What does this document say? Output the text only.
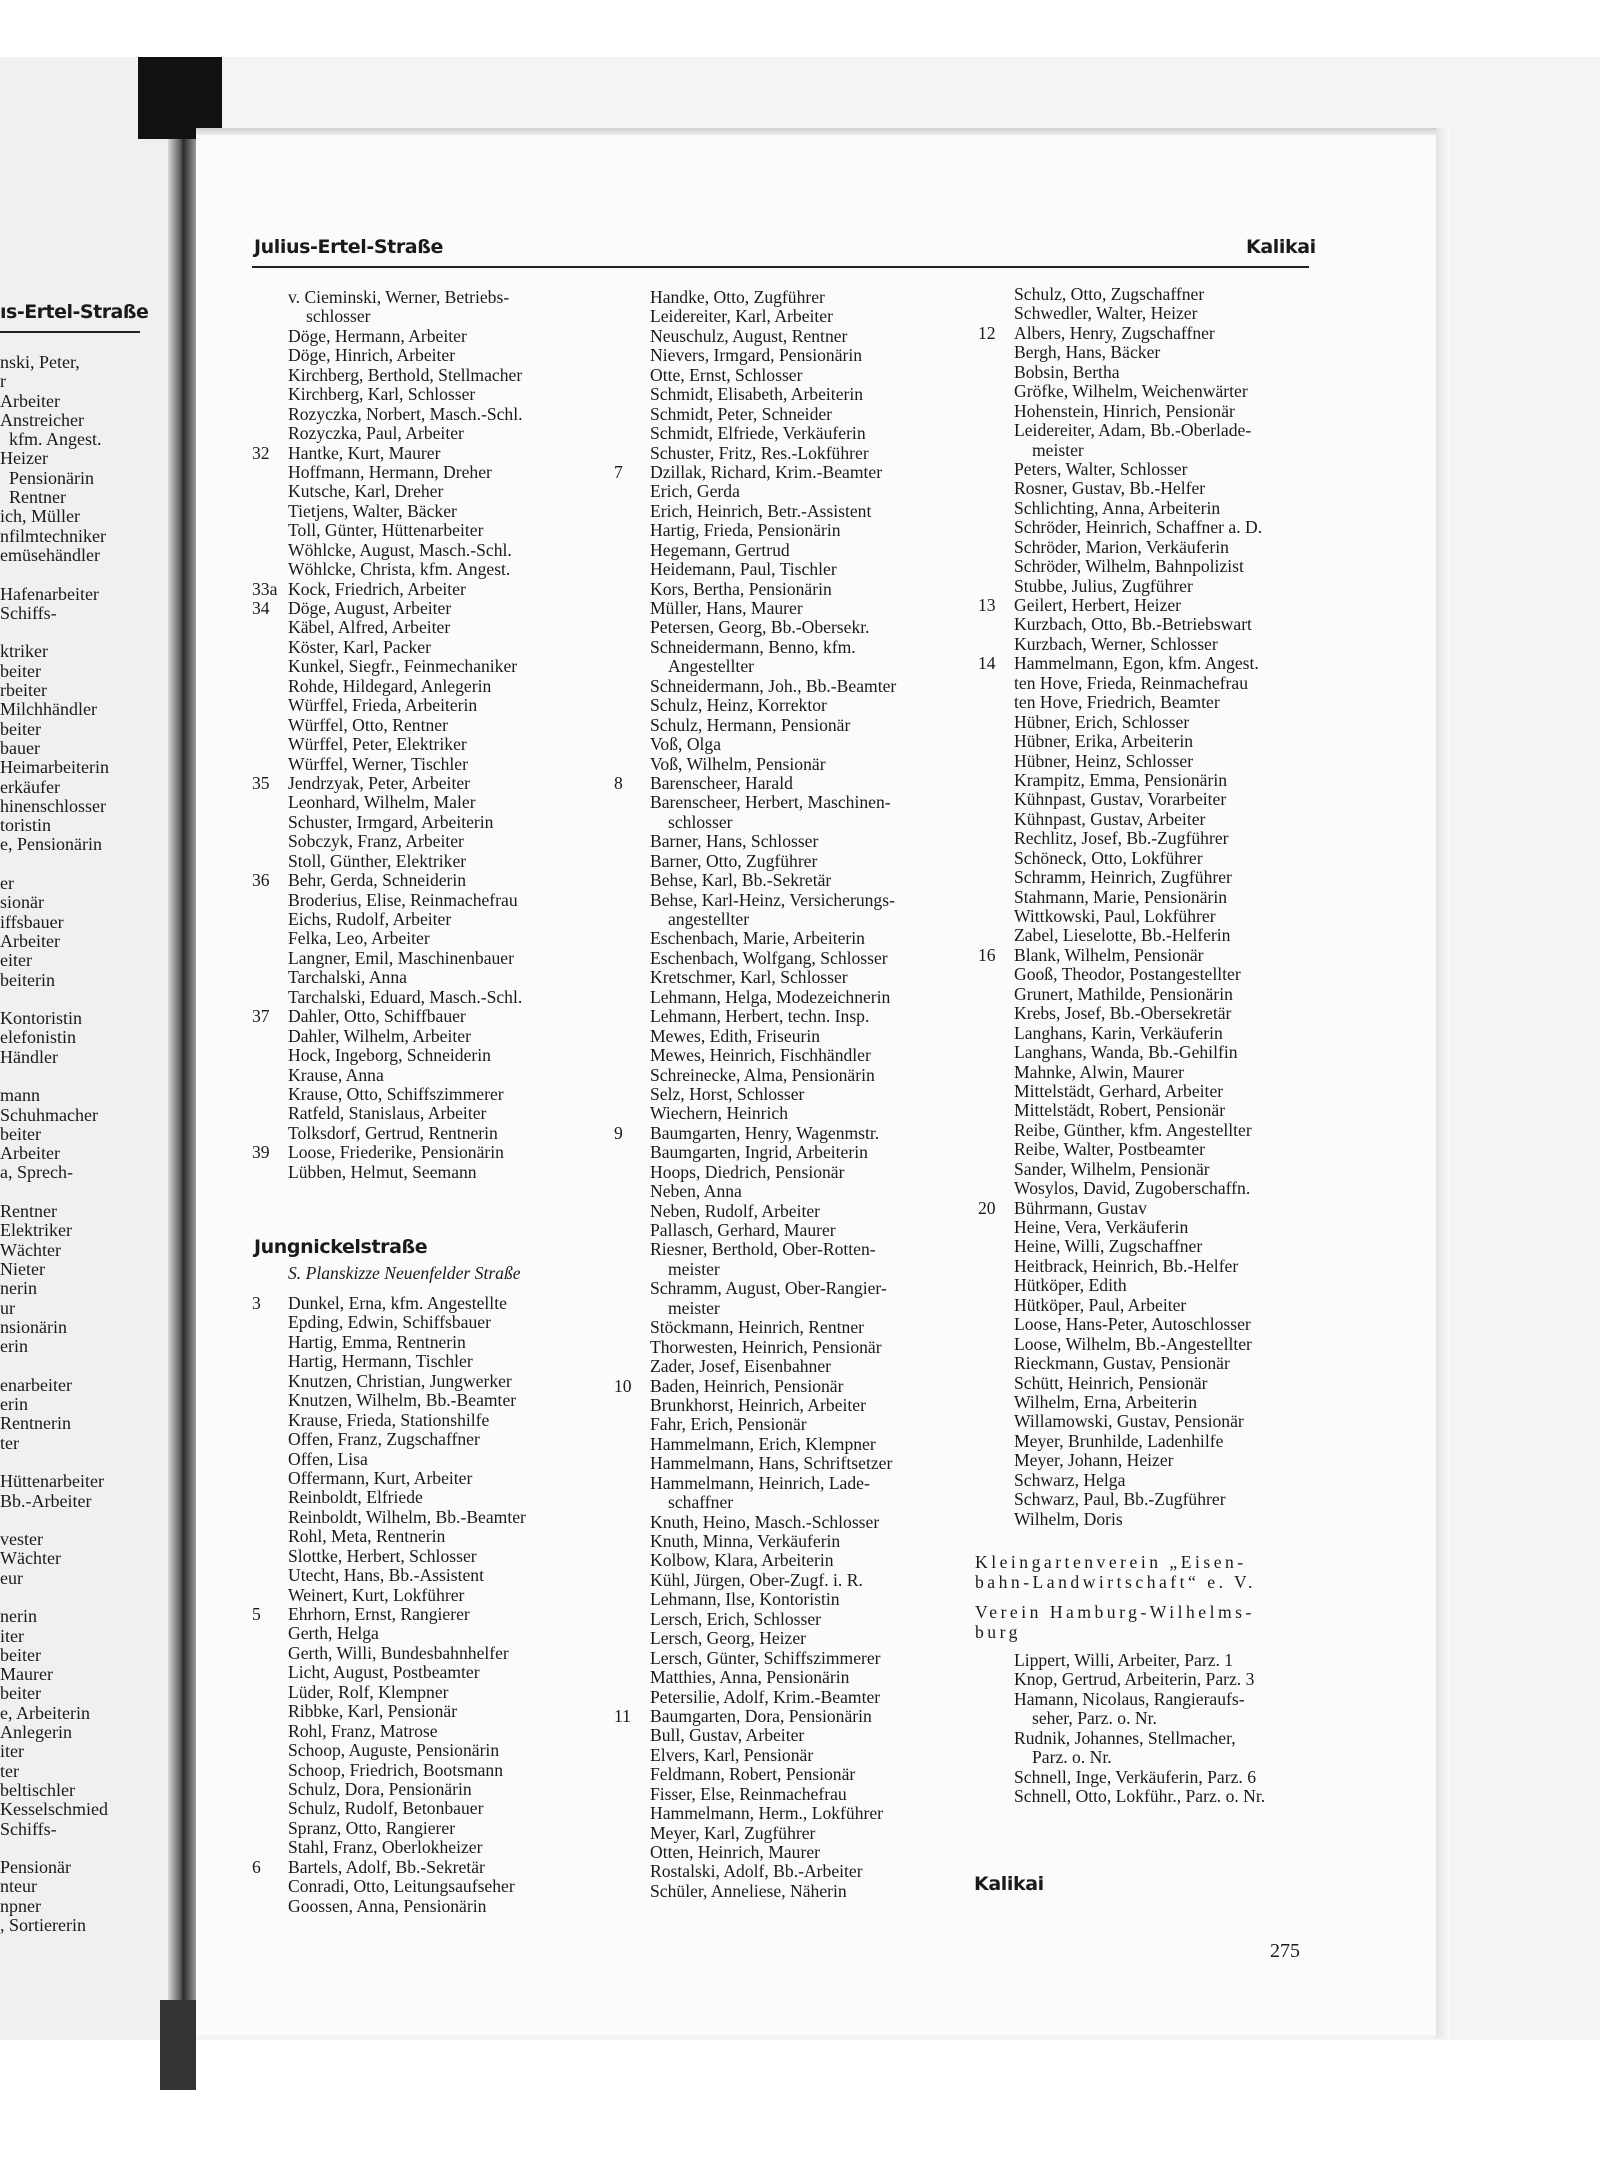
ıs-Ertel-Straße
nski, Peter,
r
Arbeiter
Anstreicher
kfm. Angest.
Heizer
Pensionärin
Rentner
ich, Müller
nfilmtechniker
emüsehändler
Hafenarbeiter
Schiffs-
ktriker
beiter
rbeiter
Milchhändler
beiter
bauer
Heimarbeiterin
erkäufer
hinenschlosser
toristin
e, Pensionärin
er
sionär
iffsbauer
Arbeiter
eiter
beiterin
Kontoristin
elefonistin
Händler
mann
Schuhmacher
beiter
Arbeiter
a, Sprech-
Rentner
Elektriker
Wächter
Nieter
nerin
ur
nsionärin
erin
enarbeiter
erin
Rentnerin
ter
Hüttenarbeiter
Bb.-Arbeiter
vester
Wächter
eur
nerin
iter
beiter
Maurer
beiter
e, Arbeiterin
Anlegerin
iter
ter
beltischler
Kesselschmied
Schiffs-
Pensionär
nteur
npner
, Sortiererin
Julius-Ertel-Straße	Kalikai
v. Cieminski, Werner, Betriebs-
schlosser
Döge, Hermann, Arbeiter
Döge, Hinrich, Arbeiter
Kirchberg, Berthold, Stellmacher
Kirchberg, Karl, Schlosser
Rozyczka, Norbert, Masch.-Schl.
Rozyczka, Paul, Arbeiter
32	Hantke, Kurt, Maurer
Hoffmann, Hermann, Dreher
Kutsche, Karl, Dreher
Tietjens, Walter, Bäcker
Toll, Günter, Hüttenarbeiter
Wöhlcke, August, Masch.-Schl.
Wöhlcke, Christa, kfm. Angest.
33a Kock, Friedrich, Arbeiter
34	Döge, August, Arbeiter
Käbel, Alfred, Arbeiter
Köster, Karl, Packer
Kunkel, Siegfr., Feinmechaniker
Rohde, Hildegard, Anlegerin
Würffel, Frieda, Arbeiterin
Würffel, Otto, Rentner
Würffel, Peter, Elektriker
Würffel, Werner, Tischler
35	Jendrzyak, Peter, Arbeiter
Leonhard, Wilhelm, Maler
Schuster, Irmgard, Arbeiterin
Sobczyk, Franz, Arbeiter
Stoll, Günther, Elektriker
36	Behr, Gerda, Schneiderin
Broderius, Elise, Reinmachefrau
Eichs, Rudolf, Arbeiter
Felka, Leo, Arbeiter
Langner, Emil, Maschinenbauer
Tarchalski, Anna
Tarchalski, Eduard, Masch.-Schl.
37	Dahler, Otto, Schiffbauer
Dahler, Wilhelm, Arbeiter
Hock, Ingeborg, Schneiderin
Krause, Anna
Krause, Otto, Schiffszimmerer
Ratfeld, Stanislaus, Arbeiter
Tolksdorf, Gertrud, Rentnerin
39	Loose, Friederike, Pensionärin
Lübben, Helmut, Seemann
Jungnickelstraße
S. Planskizze Neuenfelder Straße
3	Dunkel, Erna, kfm. Angestellte
Epding, Edwin, Schiffsbauer
Hartig, Emma, Rentnerin
Hartig, Hermann, Tischler
Knutzen, Christian, Jungwerker
Knutzen, Wilhelm, Bb.-Beamter
Krause, Frieda, Stationshilfe
Offen, Franz, Zugschaffner
Offen, Lisa
Offermann, Kurt, Arbeiter
Reinboldt, Elfriede
Reinboldt, Wilhelm, Bb.-Beamter
Rohl, Meta, Rentnerin
Slottke, Herbert, Schlosser
Utecht, Hans, Bb.-Assistent
Weinert, Kurt, Lokführer
5	Ehrhorn, Ernst, Rangierer
Gerth, Helga
Gerth, Willi, Bundesbahnhelfer
Licht, August, Postbeamter
Lüder, Rolf, Klempner
Ribbke, Karl, Pensionär
Rohl, Franz, Matrose
Schoop, Auguste, Pensionärin
Schoop, Friedrich, Bootsmann
Schulz, Dora, Pensionärin
Schulz, Rudolf, Betonbauer
Spranz, Otto, Rangierer
Stahl, Franz, Oberlokheizer
6	Bartels, Adolf, Bb.-Sekretär
Conradi, Otto, Leitungsaufseher
Goossen, Anna, Pensionärin
Handke, Otto, Zugführer
Leidereiter, Karl, Arbeiter
Neuschulz, August, Rentner
Nievers, Irmgard, Pensionärin
Otte, Ernst, Schlosser
Schmidt, Elisabeth, Arbeiterin
Schmidt, Peter, Schneider
Schmidt, Elfriede, Verkäuferin
Schuster, Fritz, Res.-Lokführer
7	Dzillak, Richard, Krim.-Beamter
Erich, Gerda
Erich, Heinrich, Betr.-Assistent
Hartig, Frieda, Pensionärin
Hegemann, Gertrud
Heidemann, Paul, Tischler
Kors, Bertha, Pensionärin
Müller, Hans, Maurer
Petersen, Georg, Bb.-Obersekr.
Schneidermann, Benno, kfm.
Angestellter
Schneidermann, Joh., Bb.-Beamter
Schulz, Heinz, Korrektor
Schulz, Hermann, Pensionär
Voß, Olga
Voß, Wilhelm, Pensionär
8	Barenscheer, Harald
Barenscheer, Herbert, Maschinen-
schlosser
Barner, Hans, Schlosser
Barner, Otto, Zugführer
Behse, Karl, Bb.-Sekretär
Behse, Karl-Heinz, Versicherungs-
angestellter
Eschenbach, Marie, Arbeiterin
Eschenbach, Wolfgang, Schlosser
Kretschmer, Karl, Schlosser
Lehmann, Helga, Modezeichnerin
Lehmann, Herbert, techn. Insp.
Mewes, Edith, Friseurin
Mewes, Heinrich, Fischhändler
Schreinecke, Alma, Pensionärin
Selz, Horst, Schlosser
Wiechern, Heinrich
9	Baumgarten, Henry, Wagenmstr.
Baumgarten, Ingrid, Arbeiterin
Hoops, Diedrich, Pensionär
Neben, Anna
Neben, Rudolf, Arbeiter
Pallasch, Gerhard, Maurer
Riesner, Berthold, Ober-Rotten-
meister
Schramm, August, Ober-Rangier-
meister
Stöckmann, Heinrich, Rentner
Thorwesten, Heinrich, Pensionär
Zader, Josef, Eisenbahner
10	Baden, Heinrich, Pensionär
Brunkhorst, Heinrich, Arbeiter
Fahr, Erich, Pensionär
Hammelmann, Erich, Klempner
Hammelmann, Hans, Schriftsetzer
Hammelmann, Heinrich, Lade-
schaffner
Knuth, Heino, Masch.-Schlosser
Knuth, Minna, Verkäuferin
Kolbow, Klara, Arbeiterin
Kühl, Jürgen, Ober-Zugf. i. R.
Lehmann, Ilse, Kontoristin
Lersch, Erich, Schlosser
Lersch, Georg, Heizer
Lersch, Günter, Schiffszimmerer
Matthies, Anna, Pensionärin
Petersilie, Adolf, Krim.-Beamter
11	Baumgarten, Dora, Pensionärin
Bull, Gustav, Arbeiter
Elvers, Karl, Pensionär
Feldmann, Robert, Pensionär
Fisser, Else, Reinmachefrau
Hammelmann, Herm., Lokführer
Meyer, Karl, Zugführer
Otten, Heinrich, Maurer
Rostalski, Adolf, Bb.-Arbeiter
Schüler, Anneliese, Näherin
Schulz, Otto, Zugschaffner
Schwedler, Walter, Heizer
12	Albers, Henry, Zugschaffner
Bergh, Hans, Bäcker
Bobsin, Bertha
Gröfke, Wilhelm, Weichenwärter
Hohenstein, Hinrich, Pensionär
Leidereiter, Adam, Bb.-Oberlade-
meister
Peters, Walter, Schlosser
Rosner, Gustav, Bb.-Helfer
Schlichting, Anna, Arbeiterin
Schröder, Heinrich, Schaffner a. D.
Schröder, Marion, Verkäuferin
Schröder, Wilhelm, Bahnpolizist
Stubbe, Julius, Zugführer
13	Geilert, Herbert, Heizer
Kurzbach, Otto, Bb.-Betriebswart
Kurzbach, Werner, Schlosser
14	Hammelmann, Egon, kfm. Angest.
ten Hove, Frieda, Reinmachefrau
ten Hove, Friedrich, Beamter
Hübner, Erich, Schlosser
Hübner, Erika, Arbeiterin
Hübner, Heinz, Schlosser
Krampitz, Emma, Pensionärin
Kühnpast, Gustav, Vorarbeiter
Kühnpast, Gustav, Arbeiter
Rechlitz, Josef, Bb.-Zugführer
Schöneck, Otto, Lokführer
Schramm, Heinrich, Zugführer
Stahmann, Marie, Pensionärin
Wittkowski, Paul, Lokführer
Zabel, Lieselotte, Bb.-Helferin
16	Blank, Wilhelm, Pensionär
Gooß, Theodor, Postangestellter
Grunert, Mathilde, Pensionärin
Krebs, Josef, Bb.-Obersekretär
Langhans, Karin, Verkäuferin
Langhans, Wanda, Bb.-Gehilfin
Mahnke, Alwin, Maurer
Mittelstädt, Gerhard, Arbeiter
Mittelstädt, Robert, Pensionär
Reibe, Günther, kfm. Angestellter
Reibe, Walter, Postbeamter
Sander, Wilhelm, Pensionär
Wosylos, David, Zugoberschaffn.
20	Bührmann, Gustav
Heine, Vera, Verkäuferin
Heine, Willi, Zugschaffner
Heitbrack, Heinrich, Bb.-Helfer
Hütköper, Edith
Hütköper, Paul, Arbeiter
Loose, Hans-Peter, Autoschlosser
Loose, Wilhelm, Bb.-Angestellter
Rieckmann, Gustav, Pensionär
Schütt, Heinrich, Pensionär
Wilhelm, Erna, Arbeiterin
Willamowski, Gustav, Pensionär
Meyer, Brunhilde, Ladenhilfe
Meyer, Johann, Heizer
Schwarz, Helga
Schwarz, Paul, Bb.-Zugführer
Wilhelm, Doris
Kleingartenverein „Eisen-
bahn-Landwirtschaft“ e. V.
Verein Hamburg-Wilhelms-
burg
Lippert, Willi, Arbeiter, Parz. 1
Knop, Gertrud, Arbeiterin, Parz. 3
Hamann, Nicolaus, Rangieraufs-
seher, Parz. o. Nr.
Rudnik, Johannes, Stellmacher,
Parz. o. Nr.
Schnell, Inge, Verkäuferin, Parz. 6
Schnell, Otto, Lokführ., Parz. o. Nr.
Kalikai
275
